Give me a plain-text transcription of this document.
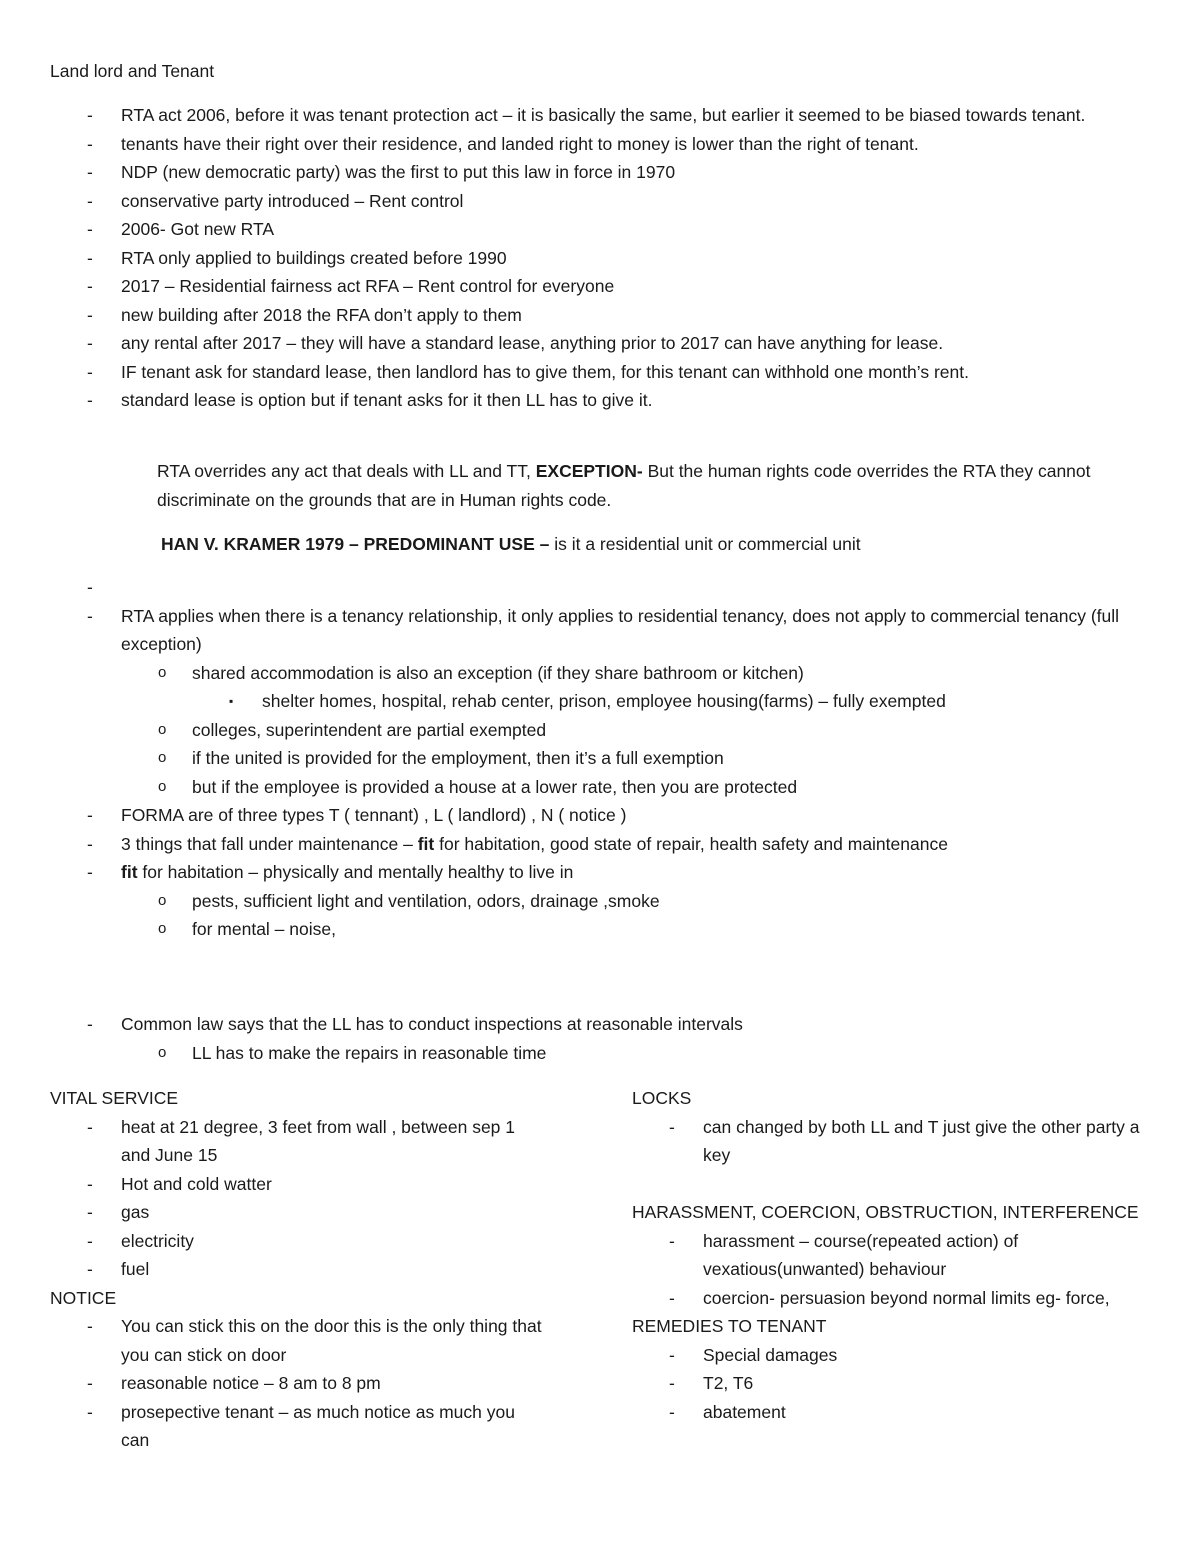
Land lord and Tenant
- RTA act 2006, before it was tenant protection act – it is basically the same, but earlier it seemed to be biased towards tenant.
- tenants have their right over their residence, and landed right to money is lower than the right of tenant.
- NDP (new democratic party) was the first to put this law in force in 1970
- conservative party introduced – Rent control
- 2006- Got new RTA
- RTA only applied to buildings created before 1990
- 2017 – Residential fairness act RFA – Rent control for everyone
- new building after 2018 the RFA don’t apply to them
- any rental after 2017 – they will have a standard lease, anything prior to 2017 can have anything for lease.
- IF tenant ask for standard lease, then landlord has to give them, for this tenant can withhold one month’s rent.
- standard lease is option but if tenant asks for it then LL has to give it.
RTA overrides any act that deals with LL and TT, EXCEPTION- But the human rights code overrides the RTA they cannot discriminate on the grounds that are in Human rights code.
HAN V. KRAMER 1979 – PREDOMINANT USE – is it a residential unit or commercial unit
-

- RTA applies when there is a tenancy relationship, it only applies to residential tenancy, does not apply to commercial tenancy (full exception)
o shared accommodation is also an exception (if they share bathroom or kitchen)
▪ shelter homes, hospital, rehab center, prison, employee housing(farms) – fully exempted
o colleges, superintendent are partial exempted
o if the united is provided for the employment, then it’s a full exemption
o but if the employee is provided a house at a lower rate, then you are protected
- FORMA are of three types T ( tennant) , L ( landlord) , N ( notice )
- 3 things that fall under maintenance – fit for habitation, good state of repair, health safety and maintenance
- fit for habitation – physically and mentally healthy to live in
o pests, sufficient light and ventilation, odors, drainage ,smoke
o for mental – noise,
- Common law says that the LL has to conduct inspections at reasonable intervals
o LL has to make the repairs in reasonable time
VITAL SERVICE
- heat at 21 degree, 3 feet from wall , between sep 1 and June 15
- Hot and cold watter
- gas
- electricity
- fuel
NOTICE
- You can stick this on the door this is the only thing that you can stick on door
- reasonable notice – 8 am to 8 pm
- prosepective tenant – as much notice as much you can
LOCKS
- can changed by both LL and T just give the other party a key
HARASSMENT, COERCION, OBSTRUCTION, INTERFERENCE
- harassment – course(repeated action) of vexatious(unwanted) behaviour
- coercion- persuasion beyond normal limits eg- force,
REMEDIES TO TENANT
- Special damages
- T2, T6
- abatement
